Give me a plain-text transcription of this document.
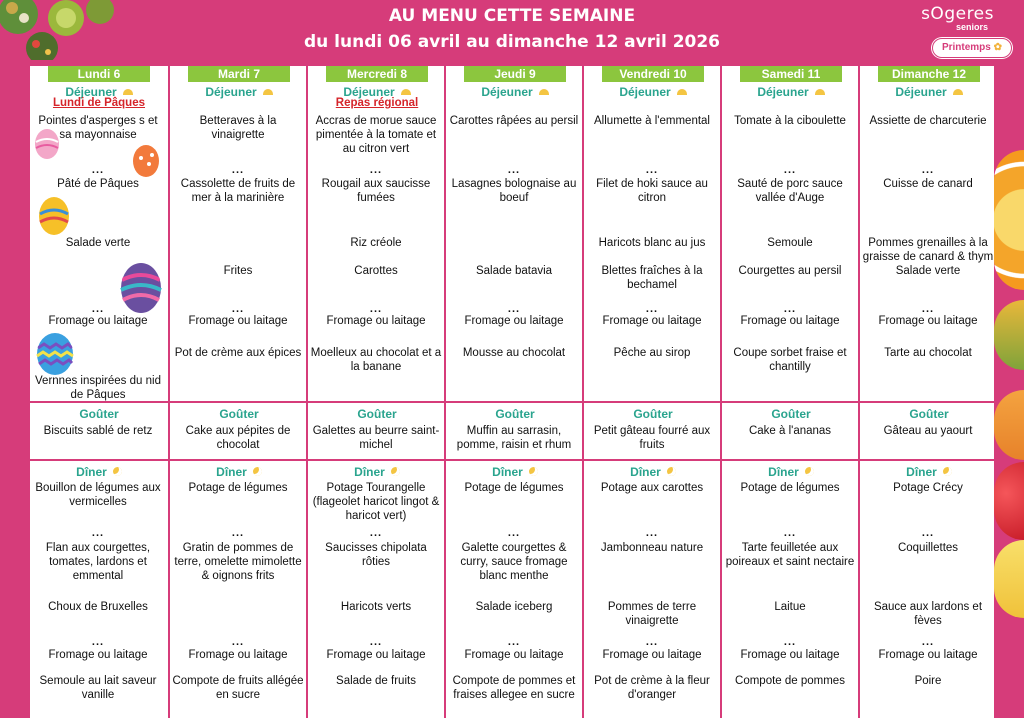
AU MENU CETTE SEMAINE
du lundi 06 avril au dimanche 12 avril 2026
sOgeres
seniors
Printemps ✿
Lundi 6
Déjeuner
Lundi de Pâques
Pointes d'asperges s et sa mayonnaise
Pâté de Pâques
Salade verte
Fromage ou laitage
Vernnes inspirées du nid de Pâques
...
...
Goûter
Biscuits sablé de retz
Dîner
Bouillon de légumes aux vermicelles
Flan aux courgettes, tomates, lardons et emmental
Choux de Bruxelles
Fromage ou laitage
Semoule au lait saveur vanille
...
...
Mardi 7
Déjeuner
Betteraves à la vinaigrette
Cassolette de fruits de mer à la marinière
Frites
Fromage ou laitage
Pot de crème aux épices
...
...
Goûter
Cake aux pépites de chocolat
Dîner
Potage de légumes
Gratin de pommes de terre, omelette mimolette & oignons frits
Fromage ou laitage
Compote de fruits allégée en sucre
...
...
Mercredi 8
Déjeuner
Repas régional
Accras de morue sauce pimentée à la tomate et au citron vert
Rougail aux saucisse fumées
Riz créole
Carottes
Fromage ou laitage
Moelleux au chocolat et a la banane
...
...
Goûter
Galettes au beurre saint-michel
Dîner
Potage Tourangelle (flageolet haricot lingot & haricot vert)
Saucisses chipolata rôties
Haricots verts
Fromage ou laitage
Salade de fruits
...
...
Jeudi 9
Déjeuner
Carottes râpées au persil
Lasagnes bolognaise au boeuf
Salade batavia
Fromage ou laitage
Mousse au chocolat
...
...
Goûter
Muffin au sarrasin, pomme, raisin et rhum
Dîner
Potage de légumes
Galette courgettes & curry, sauce fromage blanc menthe
Salade iceberg
Fromage ou laitage
Compote de pommes et fraises allegee en sucre
...
...
Vendredi 10
Déjeuner
Allumette à l'emmental
Filet de hoki sauce au citron
Haricots blanc au jus
Blettes fraîches à la bechamel
Fromage ou laitage
Pêche au sirop
...
...
Goûter
Petit gâteau fourré aux fruits
Dîner
Potage aux carottes
Jambonneau nature
Pommes de terre vinaigrette
Fromage ou laitage
Pot de crème à la fleur d'oranger
...
...
Samedi 11
Déjeuner
Tomate à la ciboulette
Sauté de porc sauce vallée d'Auge
Semoule
Courgettes au persil
Fromage ou laitage
Coupe sorbet fraise et chantilly
...
...
Goûter
Cake à l'ananas
Dîner
Potage de légumes
Tarte feuilletée aux poireaux et saint nectaire
Laitue
Fromage ou laitage
Compote de pommes
...
...
Dimanche 12
Déjeuner
Assiette de charcuterie
Cuisse de canard
Pommes grenailles à la graisse de canard & thym
Salade verte
Fromage ou laitage
Tarte au chocolat
...
...
Goûter
Gâteau au yaourt
Dîner
Potage Crécy
Coquillettes
Sauce aux lardons et fèves
Fromage ou laitage
Poire
...
...
